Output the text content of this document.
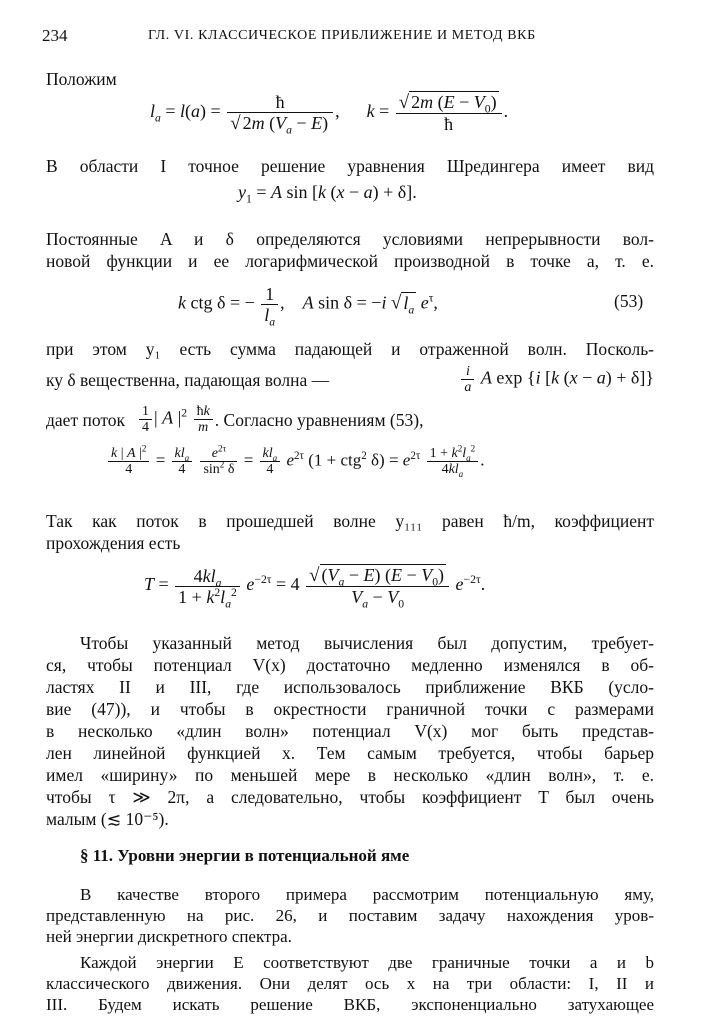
234	ГЛ. VI. КЛАССИЧЕСКОЕ ПРИБЛИЖЕНИЕ И МЕТОД ВКБ
Положим
$l_a = l(a) = \frac{ħ}{√ 2m (V_a - E)}$ ,      $k = \frac{√ 2m (E - V_0)}{ħ}$ .
В области I точное решение уравнения Шредингера имеет вид
$y_1 = A$ sin [k (x − a) + δ].
Постоянные A и δ определяются условиями непрерывности вол-
новой функции и ее логарифмической производной в точке a, т. е.
k ctg δ = − $\frac{1}{l_a}$ ,    A sin δ = −i √ $l_a$ $e^\tau$,	(53)
при этом y₁ есть сумма падающей и отраженной волн. Посколь-
ку δ вещественна, падающая волна —	$\frac{i}{a}$ A exp {i [k (x − a) + δ]}
дает поток $\frac{1}{4}$ | A $|^2 \frac{ħk}{m}$ . Согласно уравнениям (53),
$\frac{k | A |^2}{4} = \frac{kl_a}{4}$
$\frac{e^{2\tau}}{\sin^2 \delta} = \frac{kl_a}{4} e^{2\tau}$ (1 + ctg$^2$ $\delta) = e^{2\tau} \frac{1 + k^2l_a^2}{4kl_a}$ .
Так как поток в прошедшей волне y₁₁₁ равен ħ/m, коэффициент
прохождения есть
$T = \frac{4kl_a}{1 + k^2l_a^2} e^{-2\tau} = 4 \frac{√ (V_a - E) (E - V_0)}{V_a - V_0} e^{-2\tau}$.
Чтобы указанный метод вычисления был допустим, требует-
ся, чтобы потенциал V(x) достаточно медленно изменялся в об-
ластях II и III, где использовалось приближение ВКБ (усло-
вие (47)), и чтобы в окрестности граничной точки с размерами
в несколько «длин волн» потенциал V(x) мог быть представ-
лен линейной функцией x. Тем самым требуется, чтобы барьер
имел «ширину» по меньшей мере в несколько «длин волн», т. е.
чтобы τ ≫ 2π, а следовательно, чтобы коэффициент T был очень
малым (≲ 10⁻⁵).
§ 11. Уровни энергии в потенциальной яме
В качестве второго примера рассмотрим потенциальную яму,
представленную на рис. 26, и поставим задачу нахождения уров-
ней энергии дискретного спектра.
Каждой энергии E соответствуют две граничные точки a и b
классического движения. Они делят ось x на три области: I, II и
III. Будем искать решение ВКБ, экспоненциально затухающее
